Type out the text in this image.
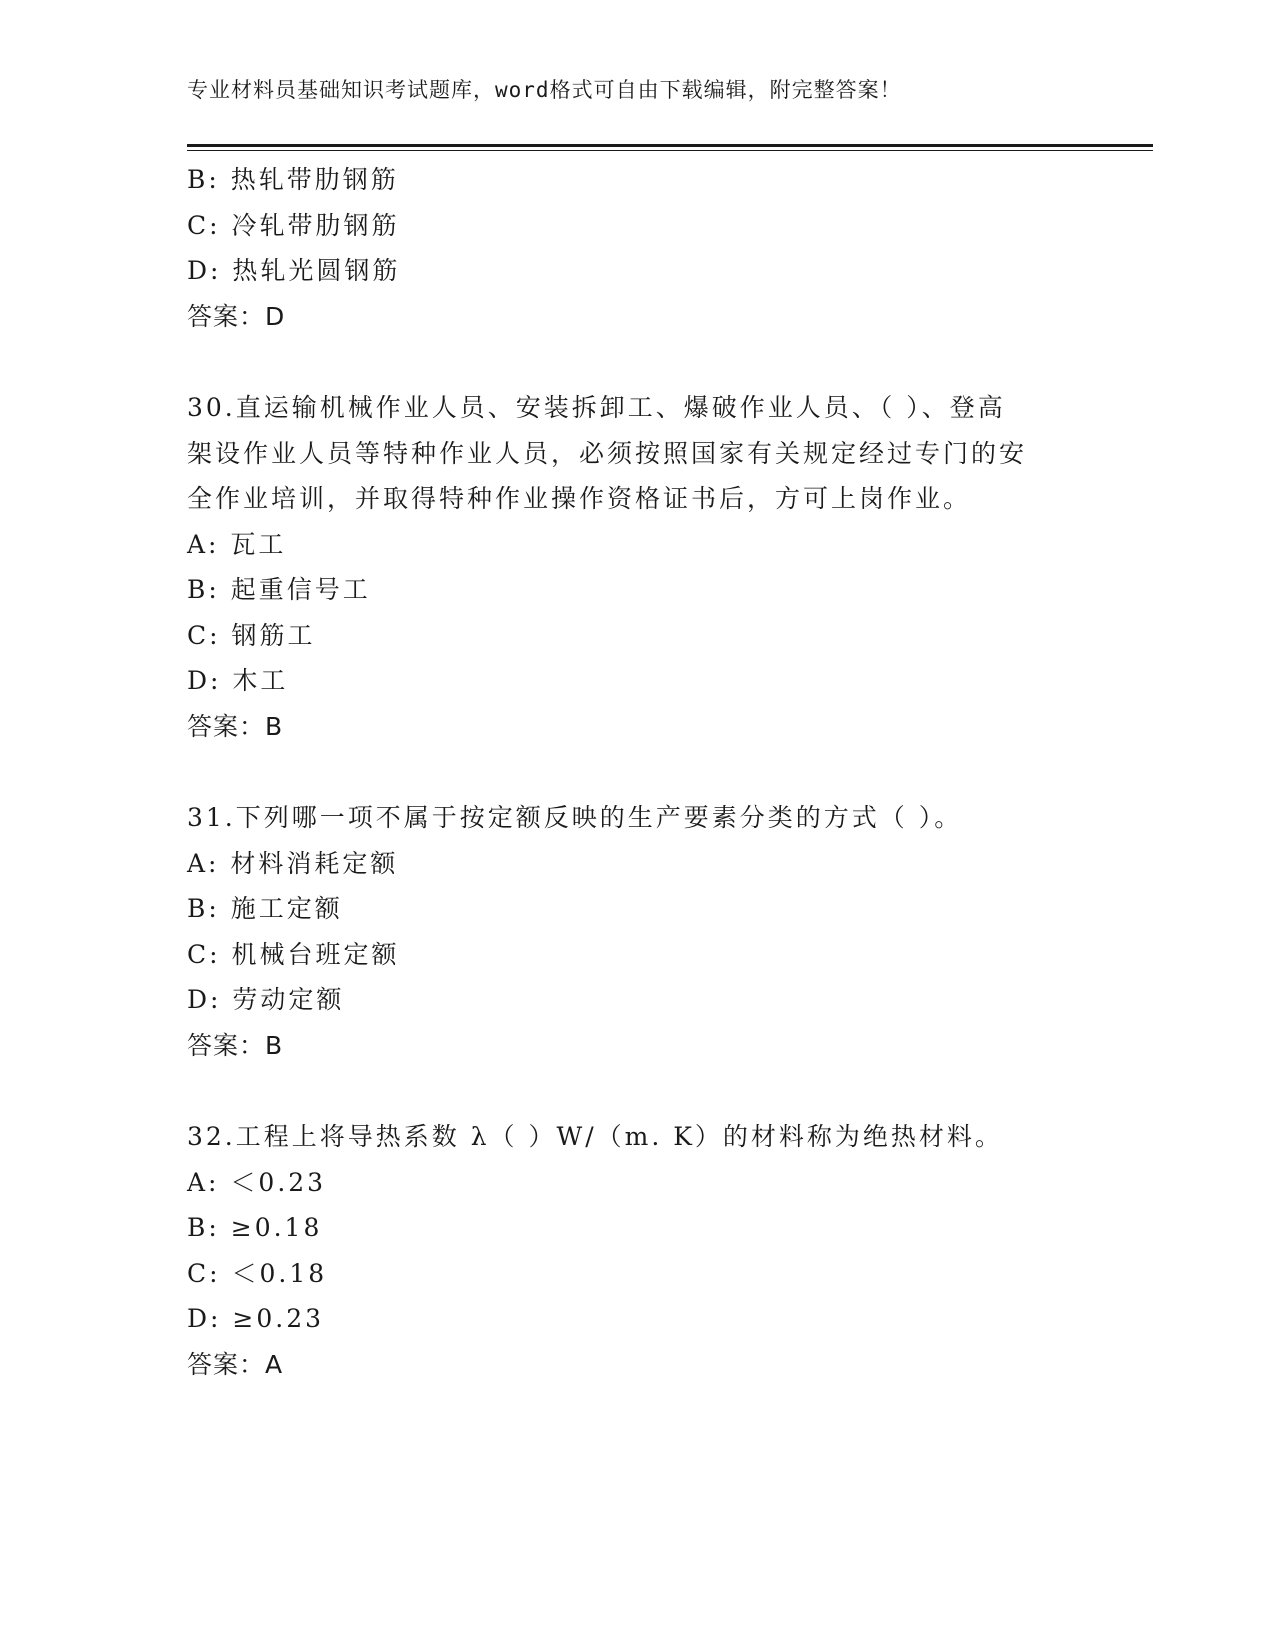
专业材料员基础知识考试题库，word格式可自由下载编辑，附完整答案！
B: 热轧带肋钢筋
C: 冷轧带肋钢筋
D: 热轧光圆钢筋
答案：D
30.直运输机械作业人员、安装拆卸工、爆破作业人员、（ ）、登高
架设作业人员等特种作业人员，必须按照国家有关规定经过专门的安
全作业培训，并取得特种作业操作资格证书后，方可上岗作业。
A: 瓦工
B: 起重信号工
C: 钢筋工
D: 木工
答案：B
31.下列哪一项不属于按定额反映的生产要素分类的方式（ ）。
A: 材料消耗定额
B: 施工定额
C: 机械台班定额
D: 劳动定额
答案：B
32.工程上将导热系数 λ（ ）W/（m. K）的材料称为绝热材料。
A: ＜0.23
B: ≥0.18
C: ＜0.18
D: ≥0.23
答案：A
